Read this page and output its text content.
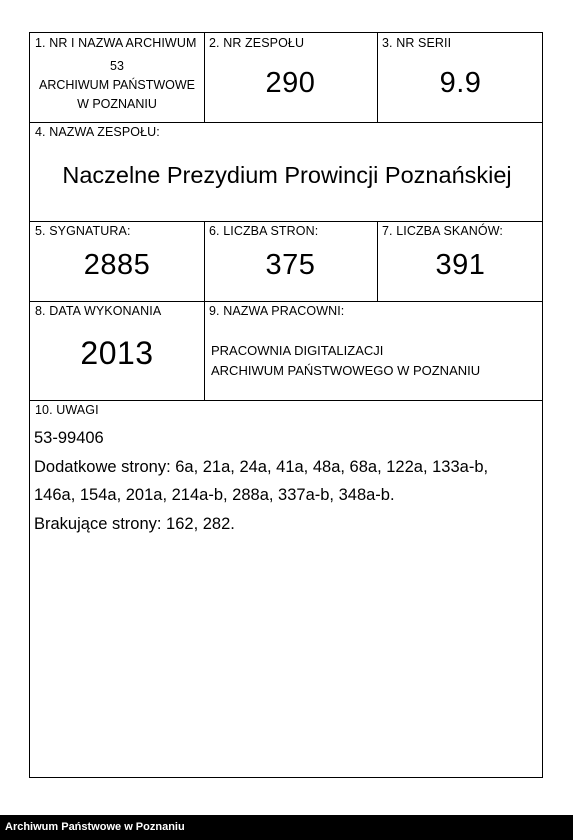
1. NR I NAZWA ARCHIWUM
53
ARCHIWUM PAŃSTWOWE
W POZNANIU
2. NR ZESPOŁU
290
3. NR SERII
9.9
4. NAZWA ZESPOŁU:
Naczelne Prezydium Prowincji Poznańskiej
5. SYGNATURA:
2885
6. LICZBA STRON:
375
7. LICZBA SKANÓW:
391
8. DATA WYKONANIA
2013
9. NAZWA PRACOWNI:
PRACOWNIA DIGITALIZACJI
ARCHIWUM PAŃSTWOWEGO W POZNANIU
10. UWAGI
53-99406
Dodatkowe strony: 6a, 21a, 24a, 41a, 48a, 68a, 122a, 133a-b,
146a, 154a, 201a, 214a-b, 288a, 337a-b, 348a-b.
Brakujące strony: 162, 282.
Archiwum Państwowe w Poznaniu
